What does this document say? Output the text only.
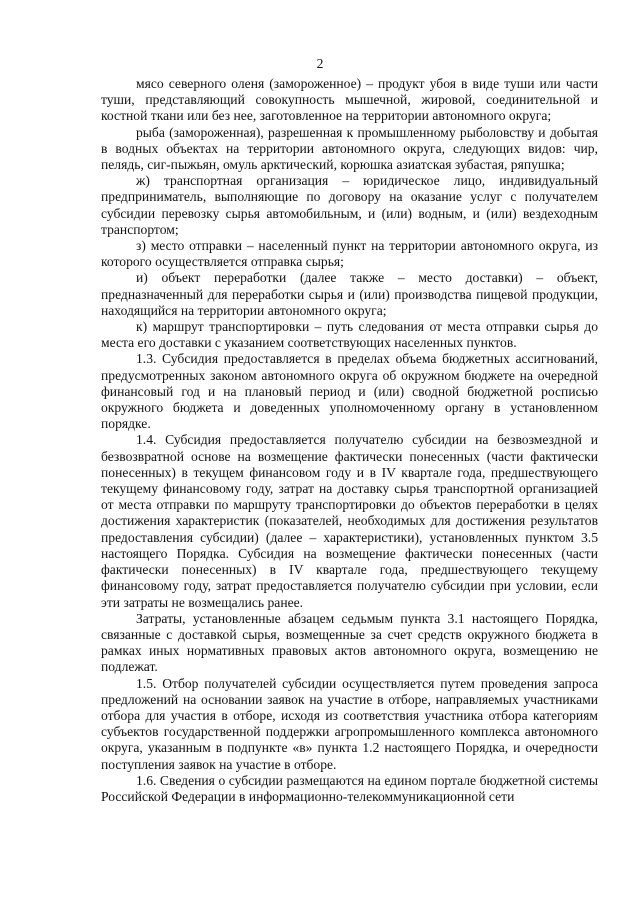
2

мясо северного оленя (замороженное) – продукт убоя в виде туши или части туши, представляющий совокупность мышечной, жировой, соединительной и костной ткани или без нее, заготовленное на территории автономного округа;

рыба (замороженная), разрешенная к промышленному рыболовству и добытая в водных объектах на территории автономного округа, следующих видов: чир, пелядь, сиг-пыжьян, омуль арктический, корюшка азиатская зубастая, ряпушка;

ж) транспортная организация – юридическое лицо, индивидуальный предприниматель, выполняющие по договору на оказание услуг с получателем субсидии перевозку сырья автомобильным, и (или) водным, и (или) вездеходным транспортом;

з) место отправки – населенный пункт на территории автономного округа, из которого осуществляется отправка сырья;

и) объект переработки (далее также – место доставки) – объект, предназначенный для переработки сырья и (или) производства пищевой продукции, находящийся на территории автономного округа;

к) маршрут транспортировки – путь следования от места отправки сырья до места его доставки с указанием соответствующих населенных пунктов.

1.3. Субсидия предоставляется в пределах объема бюджетных ассигнований, предусмотренных законом автономного округа об окружном бюджете на очередной финансовый год и на плановый период и (или) сводной бюджетной росписью окружного бюджета и доведенных уполномоченному органу в установленном порядке.

1.4. Субсидия предоставляется получателю субсидии на безвозмездной и безвозвратной основе на возмещение фактически понесенных (части фактически понесенных) в текущем финансовом году и в IV квартале года, предшествующего текущему финансовому году, затрат на доставку сырья транспортной организацией от места отправки по маршруту транспортировки до объектов переработки в целях достижения характеристик (показателей, необходимых для достижения результатов предоставления субсидии) (далее – характеристики), установленных пунктом 3.5 настоящего Порядка. Субсидия на возмещение фактически понесенных (части фактически понесенных) в IV квартале года, предшествующего текущему финансовому году, затрат предоставляется получателю субсидии при условии, если эти затраты не возмещались ранее.

Затраты, установленные абзацем седьмым пункта 3.1 настоящего Порядка, связанные с доставкой сырья, возмещенные за счет средств окружного бюджета в рамках иных нормативных правовых актов автономного округа, возмещению не подлежат.

1.5. Отбор получателей субсидии осуществляется путем проведения запроса предложений на основании заявок на участие в отборе, направляемых участниками отбора для участия в отборе, исходя из соответствия участника отбора категориям субъектов государственной поддержки агропромышленного комплекса автономного округа, указанным в подпункте «в» пункта 1.2 настоящего Порядка, и очередности поступления заявок на участие в отборе.

1.6. Сведения о субсидии размещаются на едином портале бюджетной системы Российской Федерации в информационно-телекоммуникационной сети
